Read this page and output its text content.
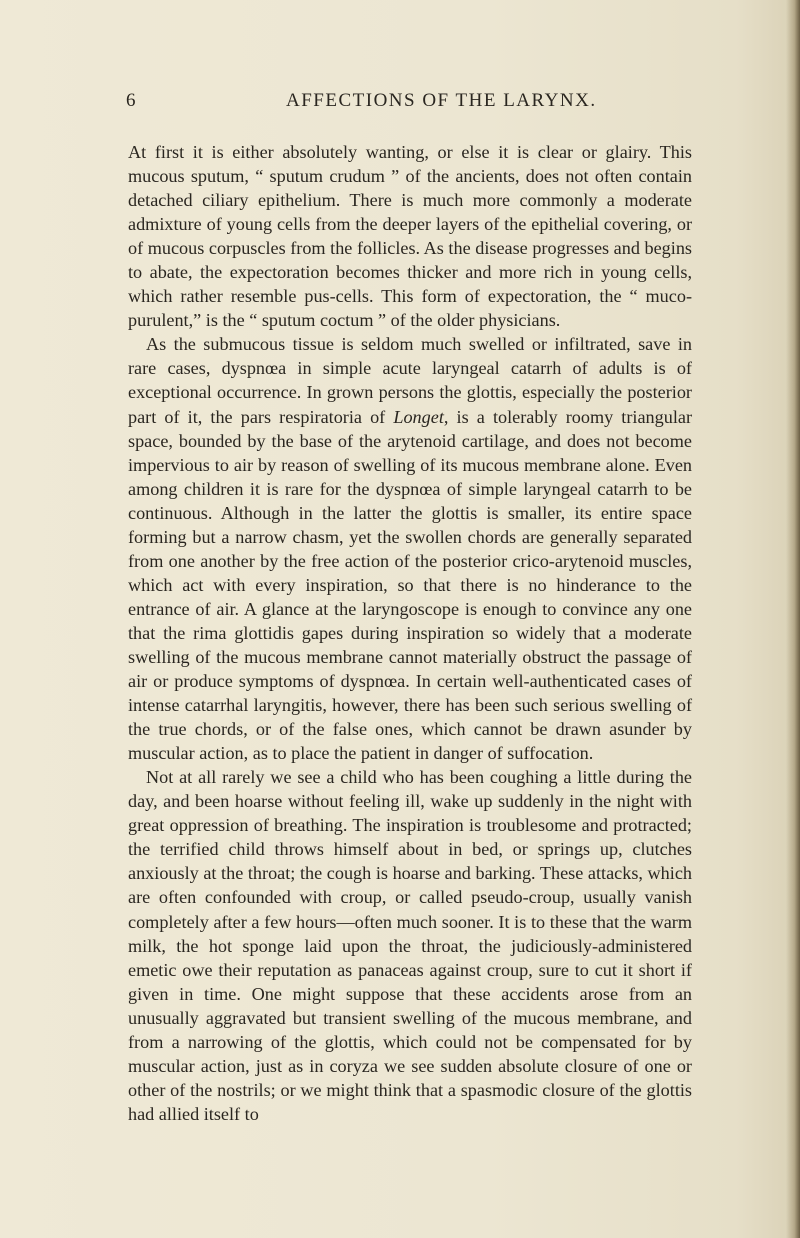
6	AFFECTIONS OF THE LARYNX.

At first it is either absolutely wanting, or else it is clear or glairy. This mucous sputum, “ sputum crudum ” of the ancients, does not often contain detached ciliary epithelium. There is much more commonly a moderate admixture of young cells from the deeper layers of the epithelial covering, or of mucous corpuscles from the follicles. As the disease progresses and begins to abate, the expectoration becomes thicker and more rich in young cells, which rather resemble pus-cells. This form of expectoration, the “ muco-purulent,” is the “ sputum coctum ” of the older physicians.

As the submucous tissue is seldom much swelled or infiltrated, save in rare cases, dyspnœa in simple acute laryngeal catarrh of adults is of exceptional occurrence. In grown persons the glottis, especially the posterior part of it, the pars respiratoria of Longet, is a tolerably roomy triangular space, bounded by the base of the arytenoid cartilage, and does not become impervious to air by reason of swelling of its mucous membrane alone. Even among children it is rare for the dyspnœa of simple laryngeal catarrh to be continuous. Although in the latter the glottis is smaller, its entire space forming but a narrow chasm, yet the swollen chords are generally separated from one another by the free action of the posterior crico-arytenoid muscles, which act with every inspiration, so that there is no hinderance to the entrance of air. A glance at the laryngoscope is enough to convince any one that the rima glottidis gapes during inspiration so widely that a moderate swelling of the mucous membrane cannot materially obstruct the passage of air or produce symptoms of dyspnœa. In certain well-authenticated cases of intense catarrhal laryngitis, however, there has been such serious swelling of the true chords, or of the false ones, which cannot be drawn asunder by muscular action, as to place the patient in danger of suffocation.

Not at all rarely we see a child who has been coughing a little during the day, and been hoarse without feeling ill, wake up suddenly in the night with great oppression of breathing. The inspiration is troublesome and protracted; the terrified child throws himself about in bed, or springs up, clutches anxiously at the throat; the cough is hoarse and barking. These attacks, which are often confounded with croup, or called pseudo-croup, usually vanish completely after a few hours—often much sooner. It is to these that the warm milk, the hot sponge laid upon the throat, the judiciously-administered emetic owe their reputation as panaceas against croup, sure to cut it short if given in time. One might suppose that these accidents arose from an unusually aggravated but transient swelling of the mucous membrane, and from a narrowing of the glottis, which could not be compensated for by muscular action, just as in coryza we see sudden absolute closure of one or other of the nostrils; or we might think that a spasmodic closure of the glottis had allied itself to
